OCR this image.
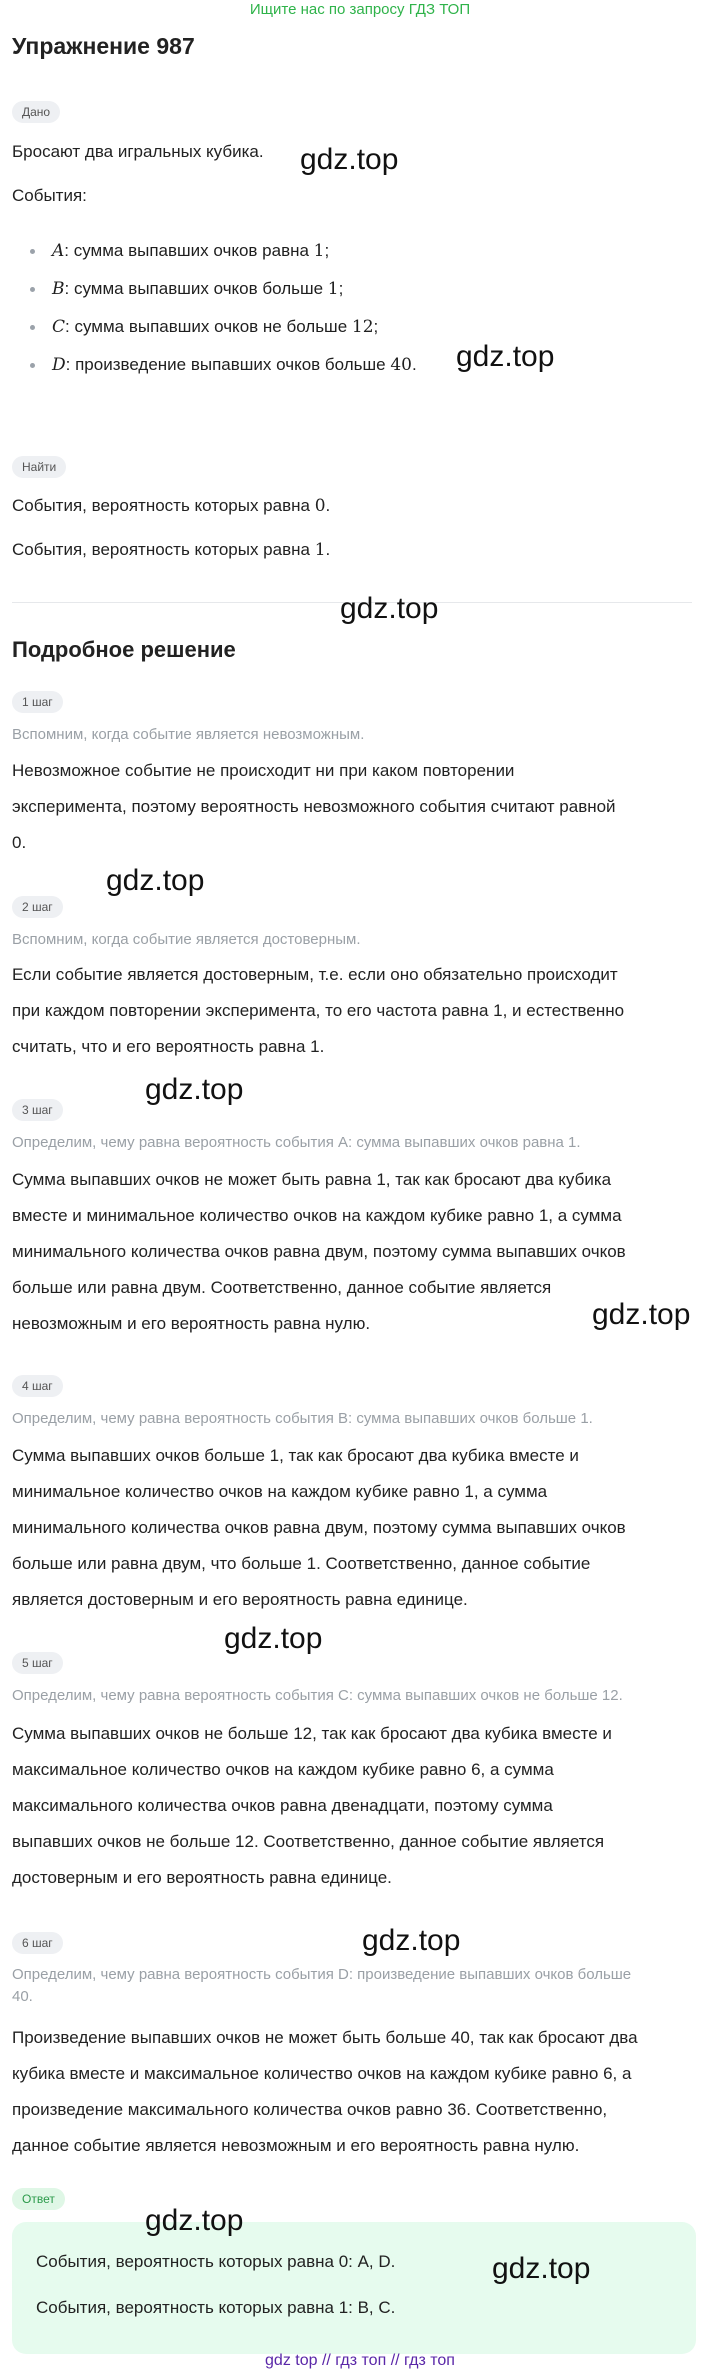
Ищите нас по запросу ГДЗ ТОП
Упражнение 987
Дано
Бросают два игральных кубика.
События:
A: сумма выпавших очков равна 1;
B: сумма выпавших очков больше 1;
C: сумма выпавших очков не больше 12;
D: произведение выпавших очков больше 40.
Найти
События, вероятность которых равна 0.
События, вероятность которых равна 1.
Подробное решение
1 шаг
Вспомним, когда событие является невозможным.
Невозможное событие не происходит ни при каком повторении
эксперимента, поэтому вероятность невозможного события считают равной
0.
2 шаг
Вспомним, когда событие является достоверным.
Если событие является достоверным, т.е. если оно обязательно происходит
при каждом повторении эксперимента, то его частота равна 1, и естественно
считать, что и его вероятность равна 1.
3 шаг
Определим, чему равна вероятность события A: сумма выпавших очков равна 1.
Сумма выпавших очков не может быть равна 1, так как бросают два кубика
вместе и минимальное количество очков на каждом кубике равно 1, а сумма
минимального количества очков равна двум, поэтому сумма выпавших очков
больше или равна двум. Соответственно, данное событие является
невозможным и его вероятность равна нулю.
4 шаг
Определим, чему равна вероятность события B: сумма выпавших очков больше 1.
Сумма выпавших очков больше 1, так как бросают два кубика вместе и
минимальное количество очков на каждом кубике равно 1, а сумма
минимального количества очков равна двум, поэтому сумма выпавших очков
больше или равна двум, что больше 1. Соответственно, данное событие
является достоверным и его вероятность равна единице.
5 шаг
Определим, чему равна вероятность события C: сумма выпавших очков не больше 12.
Сумма выпавших очков не больше 12, так как бросают два кубика вместе и
максимальное количество очков на каждом кубике равно 6, а сумма
максимального количества очков равна двенадцати, поэтому сумма
выпавших очков не больше 12. Соответственно, данное событие является
достоверным и его вероятность равна единице.
6 шаг
Определим, чему равна вероятность события D: произведение выпавших очков больше
40.
Произведение выпавших очков не может быть больше 40, так как бросают два
кубика вместе и максимальное количество очков на каждом кубике равно 6, а
произведение максимального количества очков равно 36. Соответственно,
данное событие является невозможным и его вероятность равна нулю.
Ответ
События, вероятность которых равна 0: A, D.
События, вероятность которых равна 1: B, C.
gdz.top
gdz.top
gdz.top
gdz.top
gdz.top
gdz.top
gdz.top
gdz.top
gdz.top
gdz.top
gdz top // гдз топ // гдз топ
